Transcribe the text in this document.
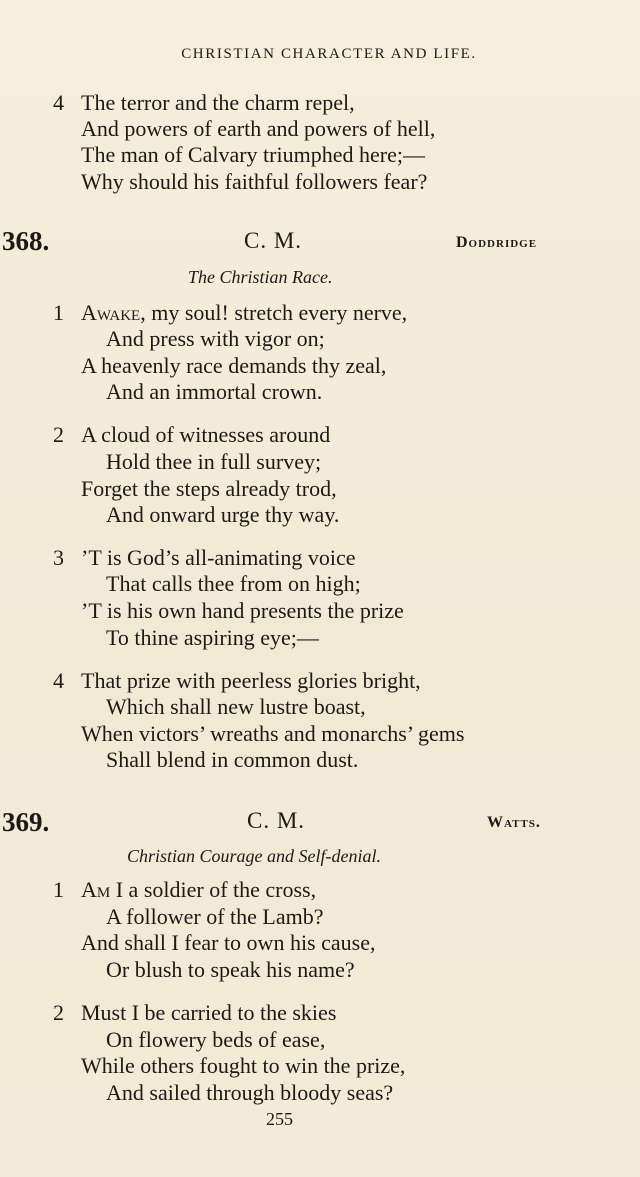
CHRISTIAN CHARACTER AND LIFE.
4 The terror and the charm repel,
And powers of earth and powers of hell,
The man of Calvary triumphed here;—
Why should his faithful followers fear?
368.	C. M.	Doddridge
The Christian Race.
1 Awake, my soul! stretch every nerve,
And press with vigor on;
A heavenly race demands thy zeal,
And an immortal crown.
2 A cloud of witnesses around
Hold thee in full survey;
Forget the steps already trod,
And onward urge thy way.
3 ’T is God’s all-animating voice
That calls thee from on high;
’T is his own hand presents the prize
To thine aspiring eye;—
4 That prize with peerless glories bright,
Which shall new lustre boast,
When victors’ wreaths and monarchs’ gems
Shall blend in common dust.
369.	C. M.	Watts.
Christian Courage and Self-denial.
1 Am I a soldier of the cross,
A follower of the Lamb?
And shall I fear to own his cause,
Or blush to speak his name?
2 Must I be carried to the skies
On flowery beds of ease,
While others fought to win the prize,
And sailed through bloody seas?
255
